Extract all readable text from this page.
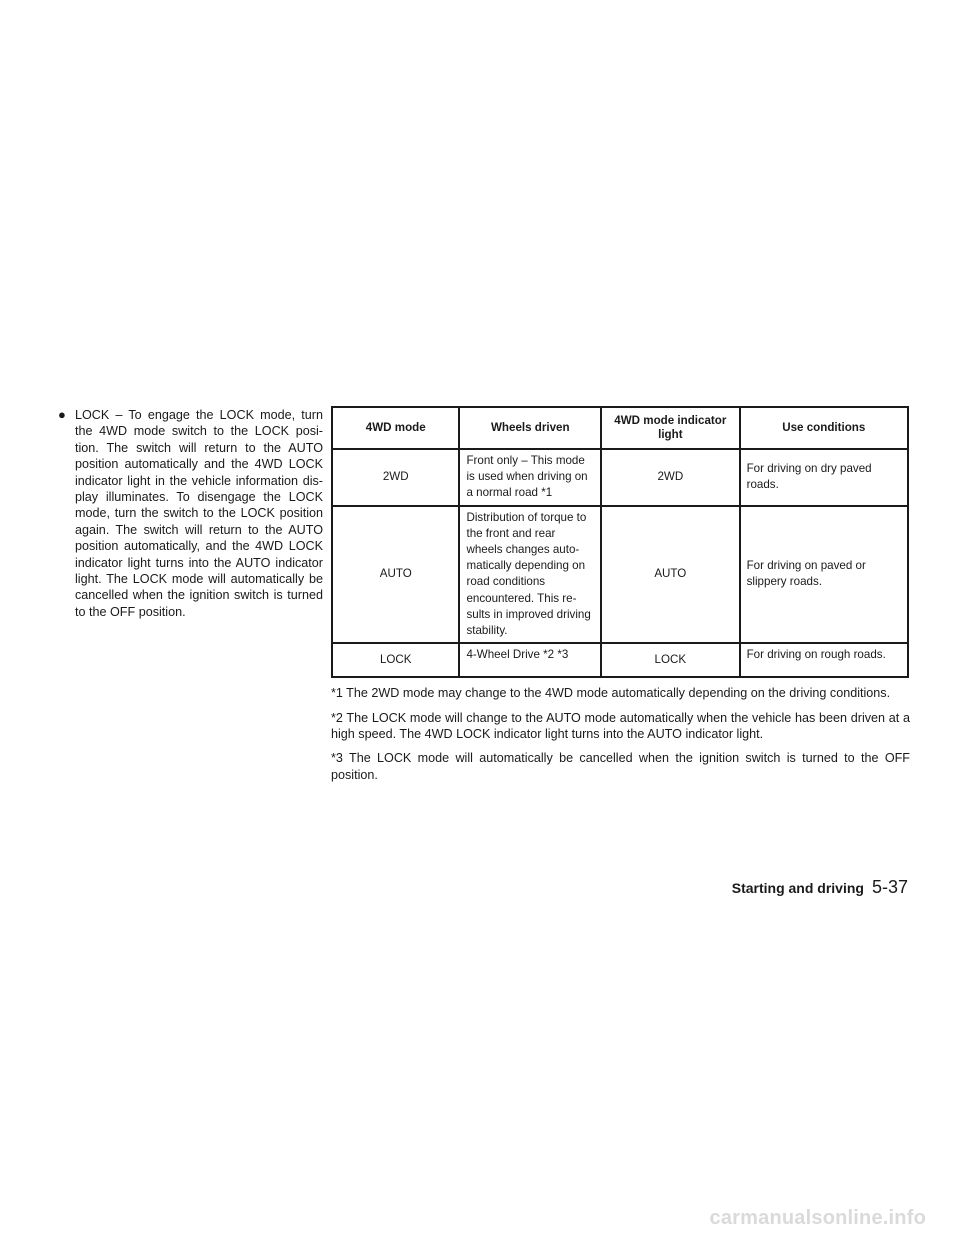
● LOCK – To engage the LOCK mode, turn the 4WD mode switch to the LOCK posi- tion. The switch will return to the AUTO position automatically and the 4WD LOCK indicator light in the vehicle information dis- play illuminates. To disengage the LOCK mode, turn the switch to the LOCK position again. The switch will return to the AUTO position automatically, and the 4WD LOCK indicator light turns into the AUTO indicator light. The LOCK mode will automatically be cancelled when the ignition switch is turned to the OFF position.
4WD mode	Wheels driven	4WD mode indicator light	Use conditions
2WD	Front only – This mode is used when driving on a normal road *1	2WD	For driving on dry paved roads.
AUTO	Distribution of torque to the front and rear wheels changes auto- matically depending on road conditions encountered. This re- sults in improved driving stability.	AUTO	For driving on paved or slippery roads.
LOCK	4-Wheel Drive *2 *3	LOCK	For driving on rough roads.

*1 The 2WD mode may change to the 4WD mode automatically depending on the driving conditions.

*2 The LOCK mode will change to the AUTO mode automatically when the vehicle has been driven at a high speed. The 4WD LOCK indicator light turns into the AUTO indicator light.

*3 The LOCK mode will automatically be cancelled when the ignition switch is turned to the OFF position.

Starting and driving 5-37
carmanualsonline.info
